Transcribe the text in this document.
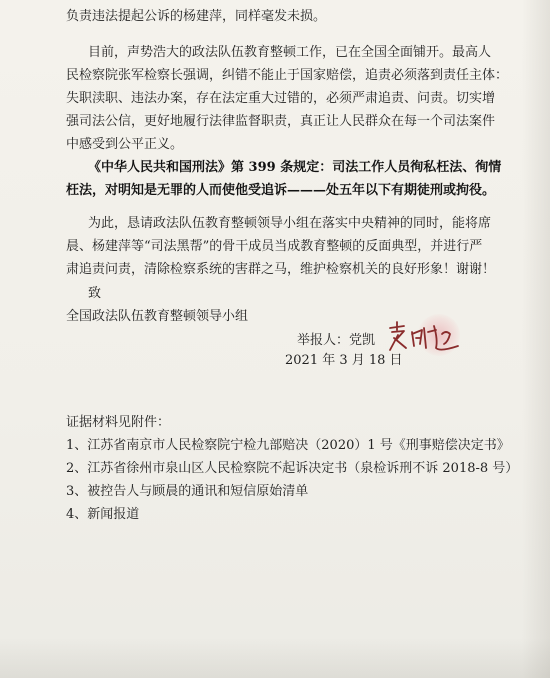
负责违法提起公诉的杨建萍，同样毫发未损。
目前，声势浩大的政法队伍教育整顿工作，已在全国全面铺开。最高人
民检察院张军检察长强调，纠错不能止于国家赔偿，追责必须落到责任主体：
失职渎职、违法办案，存在法定重大过错的，必须严肃追责、问责。切实增
强司法公信，更好地履行法律监督职责，真正让人民群众在每一个司法案件
中感受到公平正义。
《中华人民共和国刑法》第 399 条规定：司法工作人员徇私枉法、徇情
枉法，对明知是无罪的人而使他受追诉———处五年以下有期徒刑或拘役。
为此，恳请政法队伍教育整顿领导小组在落实中央精神的同时，能将席
晨、杨建萍等“司法黑帮”的骨干成员当成教育整顿的反面典型，并进行严
肃追责问责，清除检察系统的害群之马，维护检察机关的良好形象！谢谢！
致
全国政法队伍教育整顿领导小组
举报人：党凯
2021 年 3 月 18 日
证据材料见附件：
1、江苏省南京市人民检察院宁检九部赔决（2020）1 号《刑事赔偿决定书》
2、江苏省徐州市泉山区人民检察院不起诉决定书（泉检诉刑不诉 2018-8 号）
3、被控告人与顾晨的通讯和短信原始清单
4、新闻报道
